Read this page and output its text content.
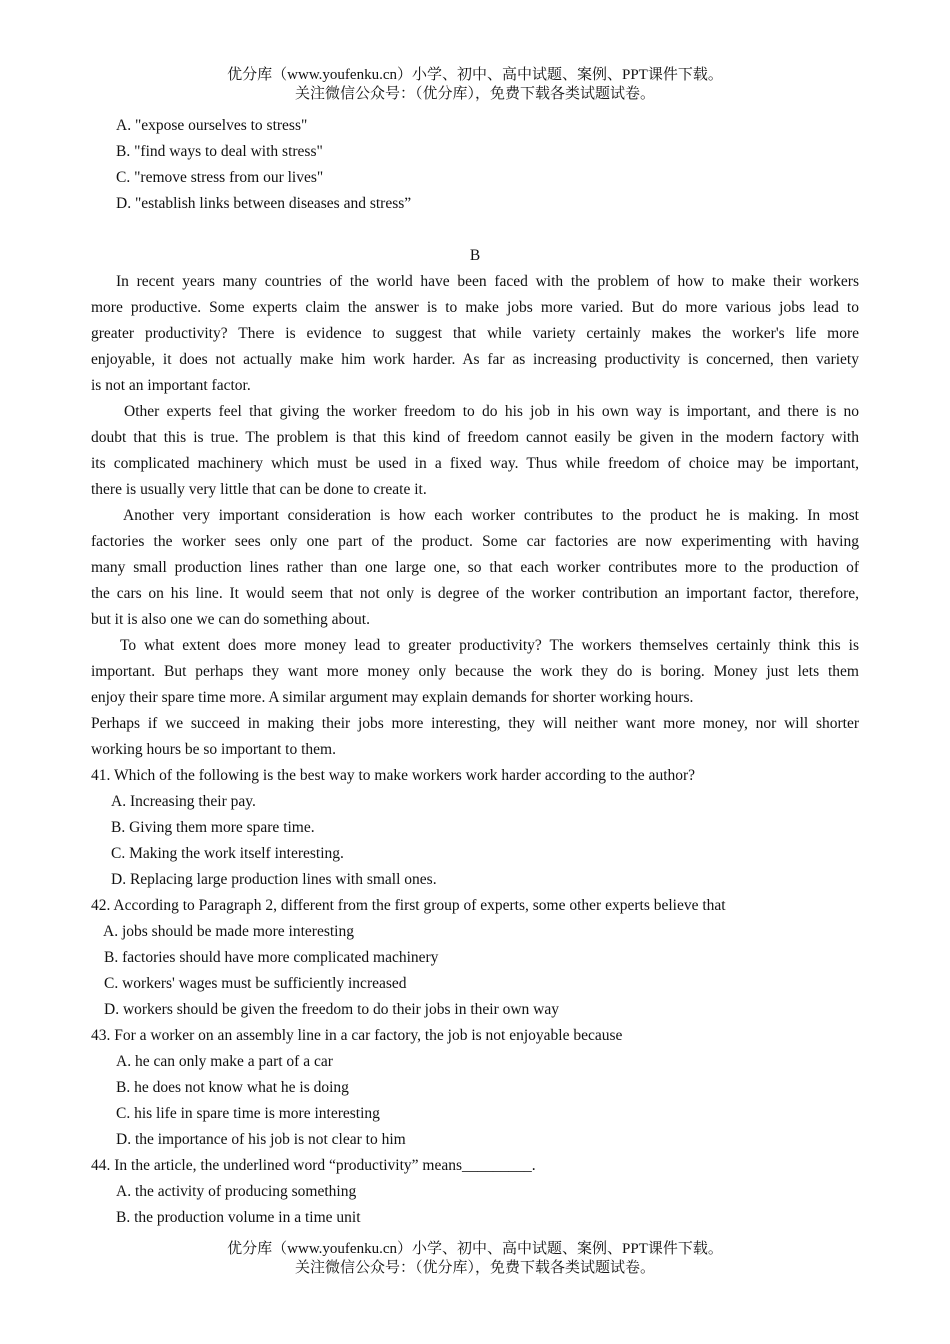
优分库（www.youfenku.cn）小学、初中、高中试题、案例、PPT课件下载。
关注微信公众号：（优分库），免费下载各类试题试卷。
A. "expose ourselves to stress"
B. "find ways to deal with stress"
C. "remove stress from our lives"
D. "establish links between diseases and stress”
B
In recent years many countries of the world have been faced with the problem of how to make their workers
more productive. Some experts claim the answer is to make jobs more varied. But do more various jobs lead to
greater productivity? There is evidence to suggest that while variety certainly makes the worker's life more
enjoyable, it does not actually make him work harder. As far as increasing productivity is concerned, then variety
is not an important factor.
Other experts feel that giving the worker freedom to do his job in his own way is important, and there is no
doubt that this is true. The problem is that this kind of freedom cannot easily be given in the modern factory with
its complicated machinery which must be used in a fixed way. Thus while freedom of choice may be important,
there is usually very little that can be done to create it.
Another very important consideration is how each worker contributes to the product he is making. In most
factories the worker sees only one part of the product. Some car factories are now experimenting with having
many small production lines rather than one large one, so that each worker contributes more to the production of
the cars on his line. It would seem that not only is degree of the worker contribution an important factor, therefore,
but it is also one we can do something about.
To what extent does more money lead to greater productivity? The workers themselves certainly think this is
important. But perhaps they want more money only because the work they do is boring. Money just lets them
enjoy their spare time more. A similar argument may explain demands for shorter working hours.
Perhaps if we succeed in making their jobs more interesting, they will neither want more money, nor will shorter
working hours be so important to them.
41. Which of the following is the best way to make workers work harder according to the author?
A. Increasing their pay.
B. Giving them more spare time.
C. Making the work itself interesting.
D. Replacing large production lines with small ones.
42. According to Paragraph 2, different from the first group of experts, some other experts believe that
A. jobs should be made more interesting
B. factories should have more complicated machinery
C. workers' wages must be sufficiently increased
D. workers should be given the freedom to do their jobs in their own way
43. For a worker on an assembly line in a car factory, the job is not enjoyable because
A. he can only make a part of a car
B. he does not know what he is doing
C. his life in spare time is more interesting
D. the importance of his job is not clear to him
44. In the article, the underlined word “productivity” means_________.
A. the activity of producing something
B. the production volume in a time unit
优分库（www.youfenku.cn）小学、初中、高中试题、案例、PPT课件下载。
关注微信公众号：（优分库），免费下载各类试题试卷。
